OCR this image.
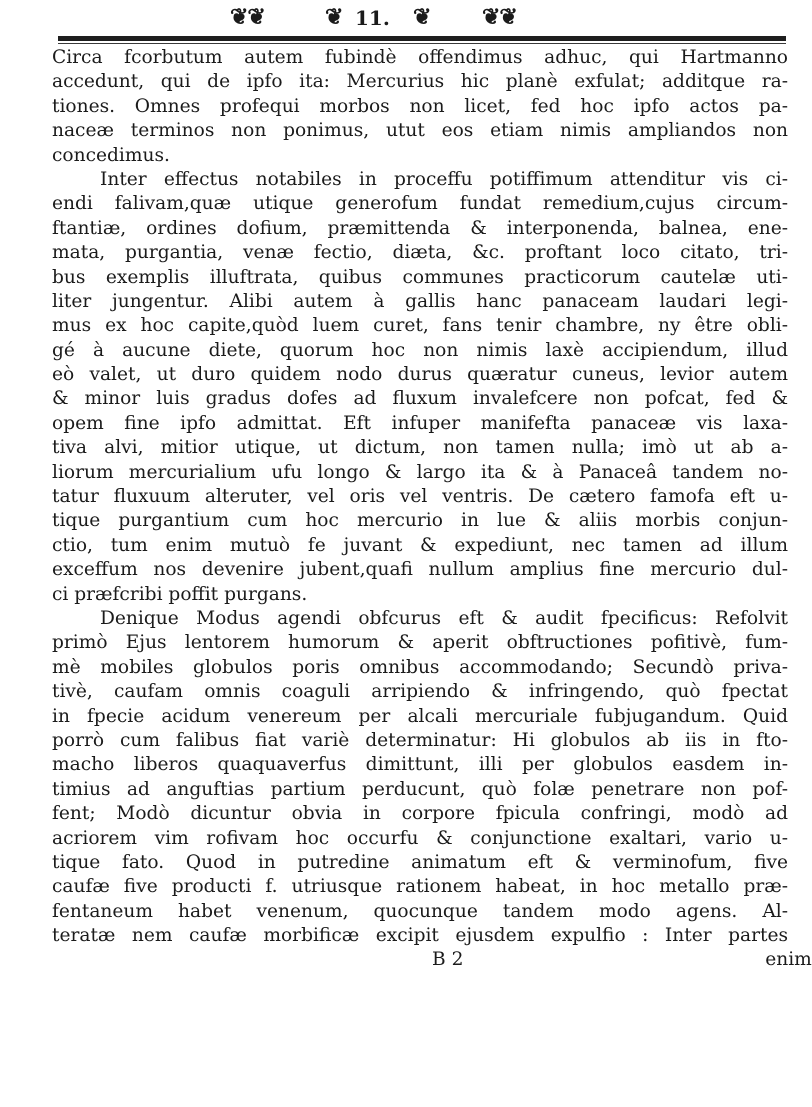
❦❦	❦ 11. ❦ ❦❦
Circa fcorbutum autem fubindè offendimus adhuc, qui Hartmanno
accedunt, qui de ipfo ita: Mercurius hic planè exfulat; additque ra-
tiones. Omnes profequi morbos non licet, fed hoc ipfo actos pa-
naceæ terminos non ponimus, utut eos etiam nimis ampliandos non
concedimus.
Inter effectus notabiles in proceffu potiffimum attenditur vis ci-
endi falivam,quæ utique generofum fundat remedium,cujus circum-
ftantiæ, ordines dofium, præmittenda & interponenda, balnea, ene-
mata, purgantia, venæ fectio, diæta, &c. proftant loco citato, tri-
bus exemplis illuftrata, quibus communes practicorum cautelæ uti-
liter jungentur. Alibi autem à gallis hanc panaceam laudari legi-
mus ex hoc capite,quòd luem curet, fans tenir chambre, ny être obli-
gé à aucune diete, quorum hoc non nimis laxè accipiendum, illud
eò valet, ut duro quidem nodo durus quæratur cuneus, levior autem
& minor luis gradus dofes ad fluxum invalefcere non pofcat, fed &
opem fine ipfo admittat. Eft infuper manifefta panaceæ vis laxa-
tiva alvi, mitior utique, ut dictum, non tamen nulla; imò ut ab a-
liorum mercurialium ufu longo & largo ita & à Panaceâ tandem no-
tatur fluxuum alteruter, vel oris vel ventris. De cætero famofa eft u-
tique purgantium cum hoc mercurio in lue & aliis morbis conjun-
ctio, tum enim mutuò fe juvant & expediunt, nec tamen ad illum
exceffum nos devenire jubent,quafi nullum amplius fine mercurio dul-
ci præfcribi poffit purgans.
Denique Modus agendi obfcurus eft & audit fpecificus: Refolvit
primò Ejus lentorem humorum & aperit obftructiones pofitivè, fum-
mè mobiles globulos poris omnibus accommodando; Secundò priva-
tivè, caufam omnis coaguli arripiendo & infringendo, quò fpectat
in fpecie acidum venereum per alcali mercuriale fubjugandum. Quid
porrò cum falibus fiat variè determinatur: Hi globulos ab iis in fto-
macho liberos quaquaverfus dimittunt, illi per globulos easdem in-
timius ad anguftias partium perducunt, quò folæ penetrare non pof-
fent; Modò dicuntur obvia in corpore fpicula confringi, modò ad
acriorem vim rofivam hoc occurfu & conjunctione exaltari, vario u-
tique fato. Quod in putredine animatum eft & verminofum, five
caufæ five producti f. utriusque rationem habeat, in hoc metallo præ-
fentaneum habet venenum, quocunque tandem modo agens. Al-
teratæ nem caufæ morbificæ excipit ejusdem expulfio : Inter partes
B 2	enim
